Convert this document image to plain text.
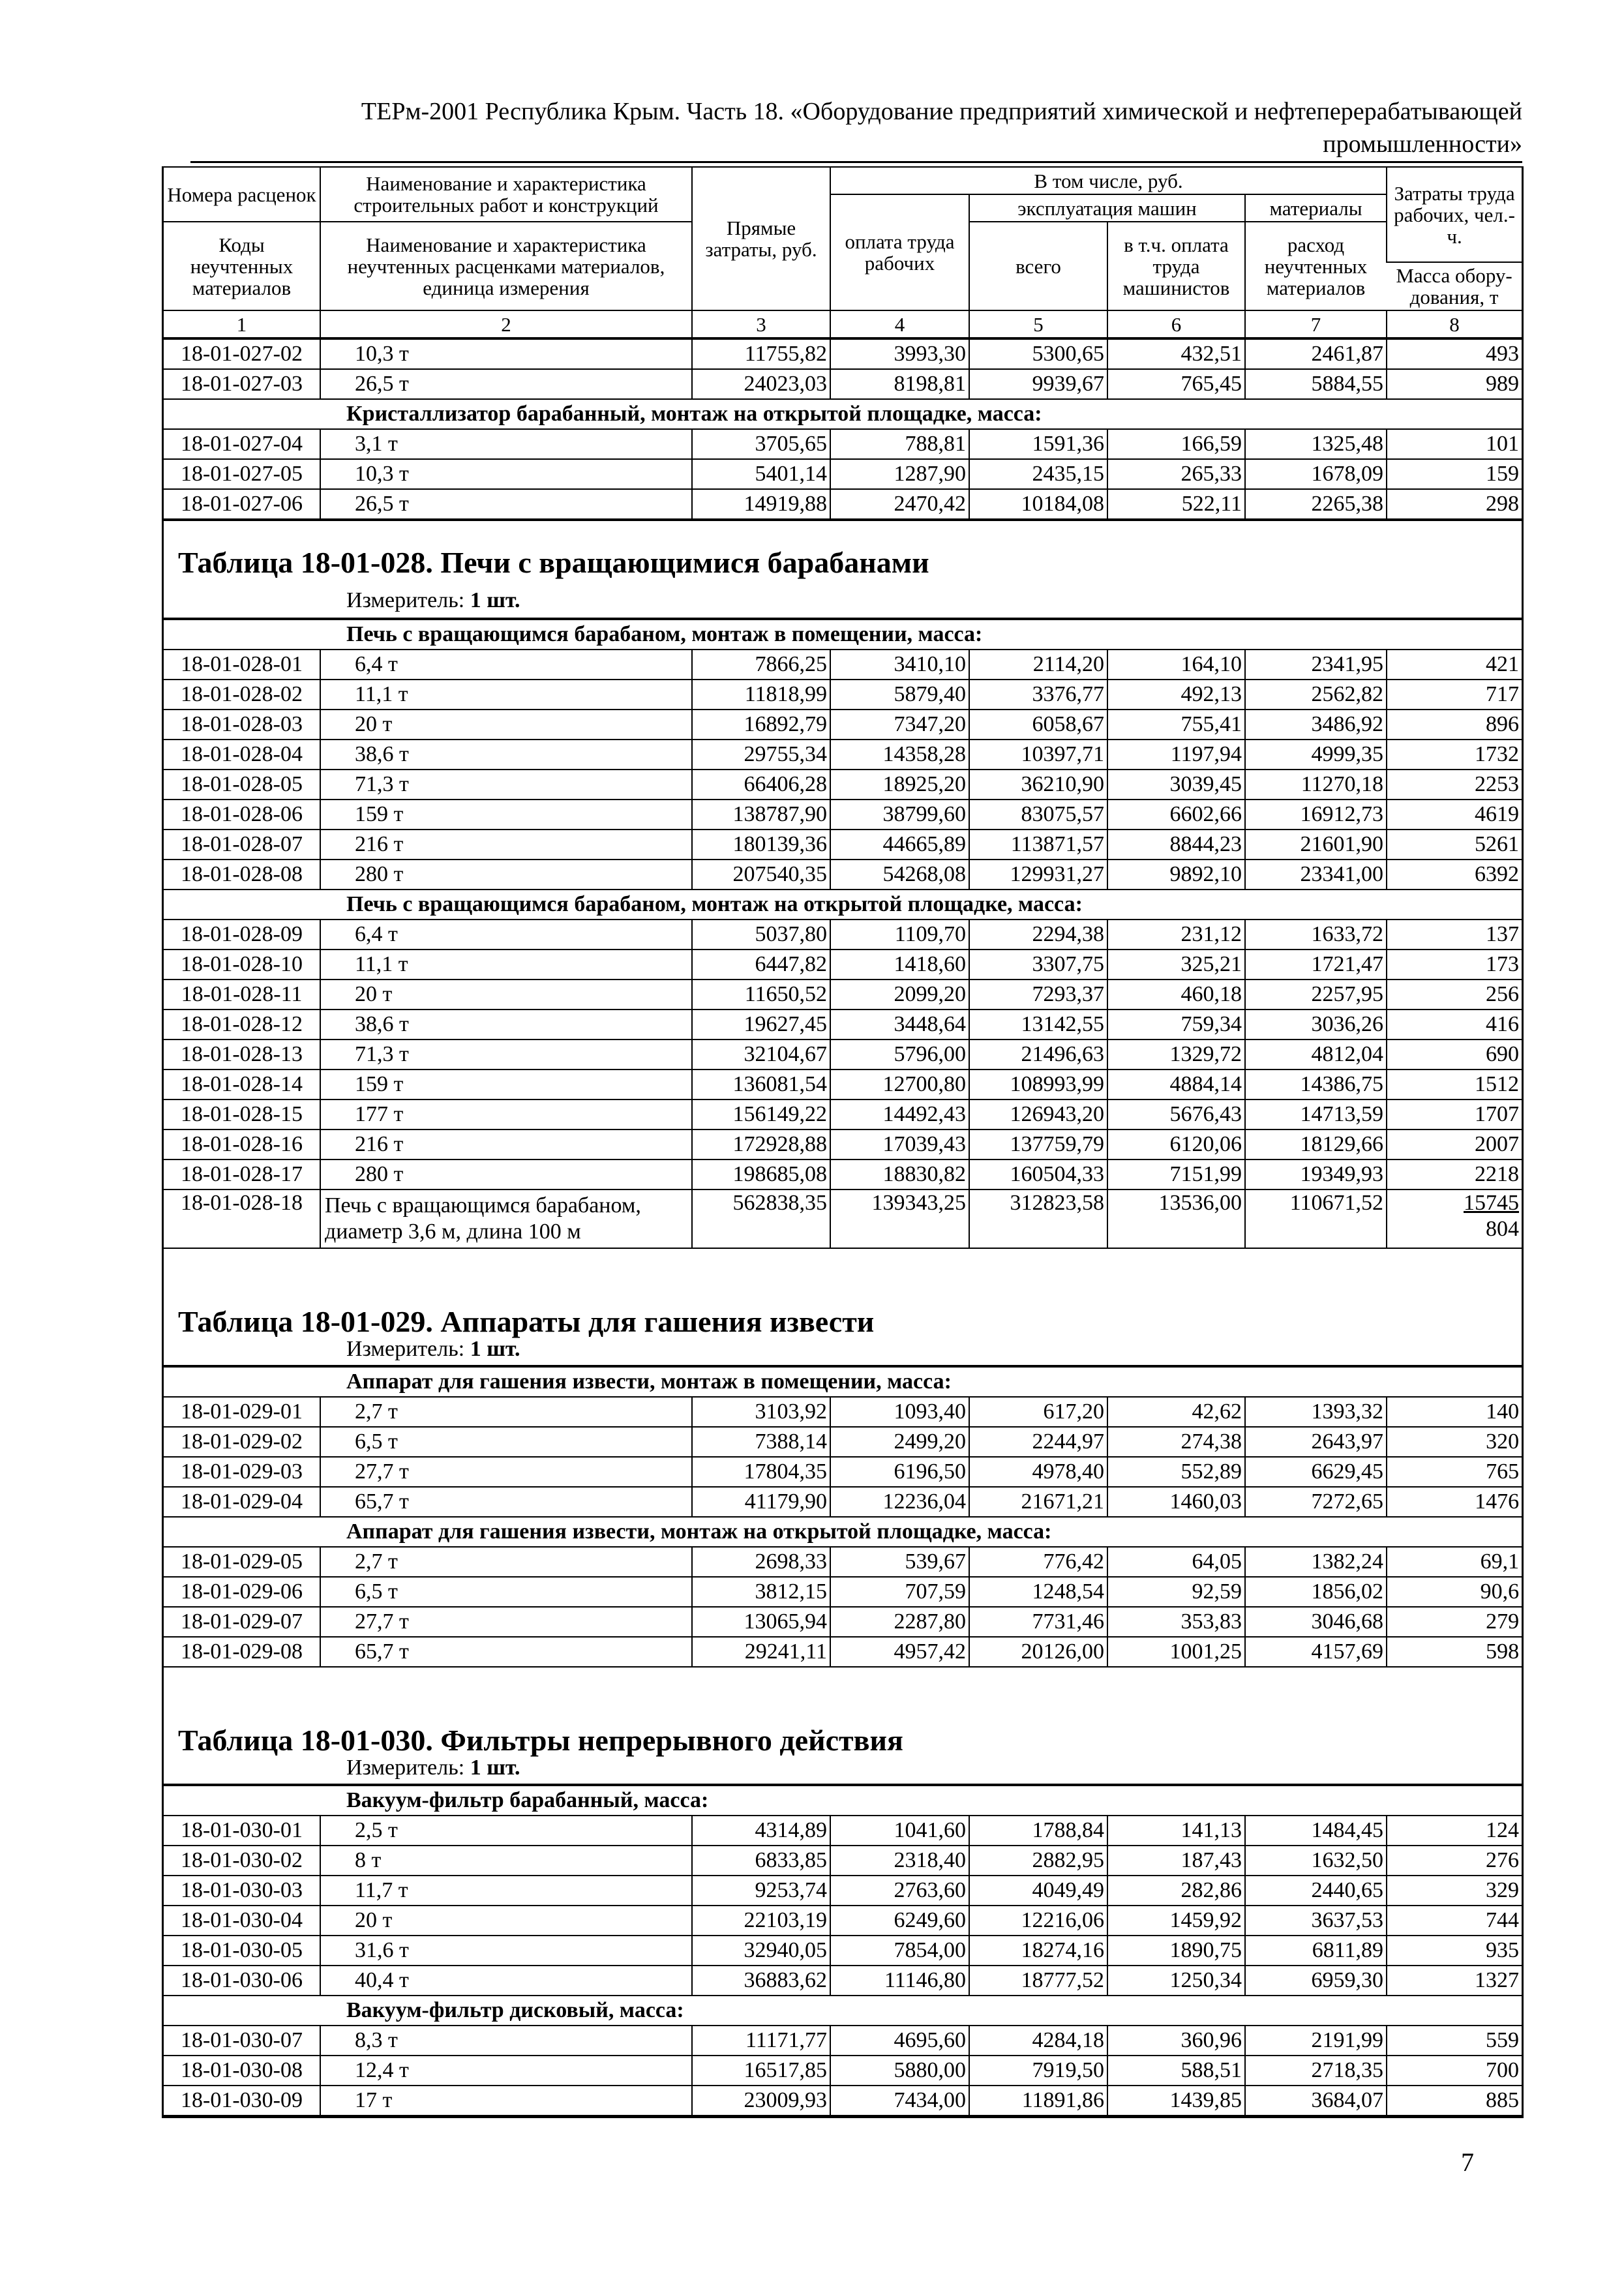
ТЕРм-2001 Республика Крым. Часть 18. «Оборудование предприятий химической и нефтеперерабатывающей
промышленности»
Номера расценок	Наименование и характеристика строительных работ и конструкций	Прямые затраты, руб.	В том числе, руб.				Затраты труда рабочих, чел.-ч.
			оплата труда рабочих	эксплуатация машин		материалы	
Коды неучтенных материалов	Наименование и характеристика неучтенных расценками материалов, единица измерения			всего	в т.ч. оплата труда машинистов	расход неучтенных материалов	
							Масса обору-дования, т
1	2	3	4	5	6	7	8
18-01-027-02	10,3 т	11755,82	3993,30	5300,65	432,51	2461,87	493
18-01-027-03	26,5 т	24023,03	8198,81	9939,67	765,45	5884,55	989
Кристаллизатор барабанный, монтаж на открытой площадке, масса:							
18-01-027-04	3,1 т	3705,65	788,81	1591,36	166,59	1325,48	101
18-01-027-05	10,3 т	5401,14	1287,90	2435,15	265,33	1678,09	159
18-01-027-06	26,5 т	14919,88	2470,42	10184,08	522,11	2265,38	298
Таблица 18-01-028. Печи с вращающимися барабанами
Измеритель: 1 шт.
Печь с вращающимся барабаном, монтаж в помещении, масса:							
18-01-028-01	6,4 т	7866,25	3410,10	2114,20	164,10	2341,95	421
18-01-028-02	11,1 т	11818,99	5879,40	3376,77	492,13	2562,82	717
18-01-028-03	20 т	16892,79	7347,20	6058,67	755,41	3486,92	896
18-01-028-04	38,6 т	29755,34	14358,28	10397,71	1197,94	4999,35	1732
18-01-028-05	71,3 т	66406,28	18925,20	36210,90	3039,45	11270,18	2253
18-01-028-06	159 т	138787,90	38799,60	83075,57	6602,66	16912,73	4619
18-01-028-07	216 т	180139,36	44665,89	113871,57	8844,23	21601,90	5261
18-01-028-08	280 т	207540,35	54268,08	129931,27	9892,10	23341,00	6392
Печь с вращающимся барабаном, монтаж на открытой площадке, масса:							
18-01-028-09	6,4 т	5037,80	1109,70	2294,38	231,12	1633,72	137
18-01-028-10	11,1 т	6447,82	1418,60	3307,75	325,21	1721,47	173
18-01-028-11	20 т	11650,52	2099,20	7293,37	460,18	2257,95	256
18-01-028-12	38,6 т	19627,45	3448,64	13142,55	759,34	3036,26	416
18-01-028-13	71,3 т	32104,67	5796,00	21496,63	1329,72	4812,04	690
18-01-028-14	159 т	136081,54	12700,80	108993,99	4884,14	14386,75	1512
18-01-028-15	177 т	156149,22	14492,43	126943,20	5676,43	14713,59	1707
18-01-028-16	216 т	172928,88	17039,43	137759,79	6120,06	18129,66	2007
18-01-028-17	280 т	198685,08	18830,82	160504,33	7151,99	19349,93	2218
18-01-028-18	Печь с вращающимся барабаном, диаметр 3,6 м, длина 100 м	562838,35	139343,25	312823,58	13536,00	110671,52	15745
804
Таблица 18-01-029. Аппараты для гашения извести
Измеритель: 1 шт.
Аппарат для гашения извести, монтаж в помещении, масса:							
18-01-029-01	2,7 т	3103,92	1093,40	617,20	42,62	1393,32	140
18-01-029-02	6,5 т	7388,14	2499,20	2244,97	274,38	2643,97	320
18-01-029-03	27,7 т	17804,35	6196,50	4978,40	552,89	6629,45	765
18-01-029-04	65,7 т	41179,90	12236,04	21671,21	1460,03	7272,65	1476
Аппарат для гашения извести, монтаж на открытой площадке, масса:							
18-01-029-05	2,7 т	2698,33	539,67	776,42	64,05	1382,24	69,1
18-01-029-06	6,5 т	3812,15	707,59	1248,54	92,59	1856,02	90,6
18-01-029-07	27,7 т	13065,94	2287,80	7731,46	353,83	3046,68	279
18-01-029-08	65,7 т	29241,11	4957,42	20126,00	1001,25	4157,69	598
Таблица 18-01-030. Фильтры непрерывного действия
Измеритель: 1 шт.
Вакуум-фильтр барабанный, масса:							
18-01-030-01	2,5 т	4314,89	1041,60	1788,84	141,13	1484,45	124
18-01-030-02	8 т	6833,85	2318,40	2882,95	187,43	1632,50	276
18-01-030-03	11,7 т	9253,74	2763,60	4049,49	282,86	2440,65	329
18-01-030-04	20 т	22103,19	6249,60	12216,06	1459,92	3637,53	744
18-01-030-05	31,6 т	32940,05	7854,00	18274,16	1890,75	6811,89	935
18-01-030-06	40,4 т	36883,62	11146,80	18777,52	1250,34	6959,30	1327
Вакуум-фильтр дисковый, масса:							
18-01-030-07	8,3 т	11171,77	4695,60	4284,18	360,96	2191,99	559
18-01-030-08	12,4 т	16517,85	5880,00	7919,50	588,51	2718,35	700
18-01-030-09	17 т	23009,93	7434,00	11891,86	1439,85	3684,07	885
7
